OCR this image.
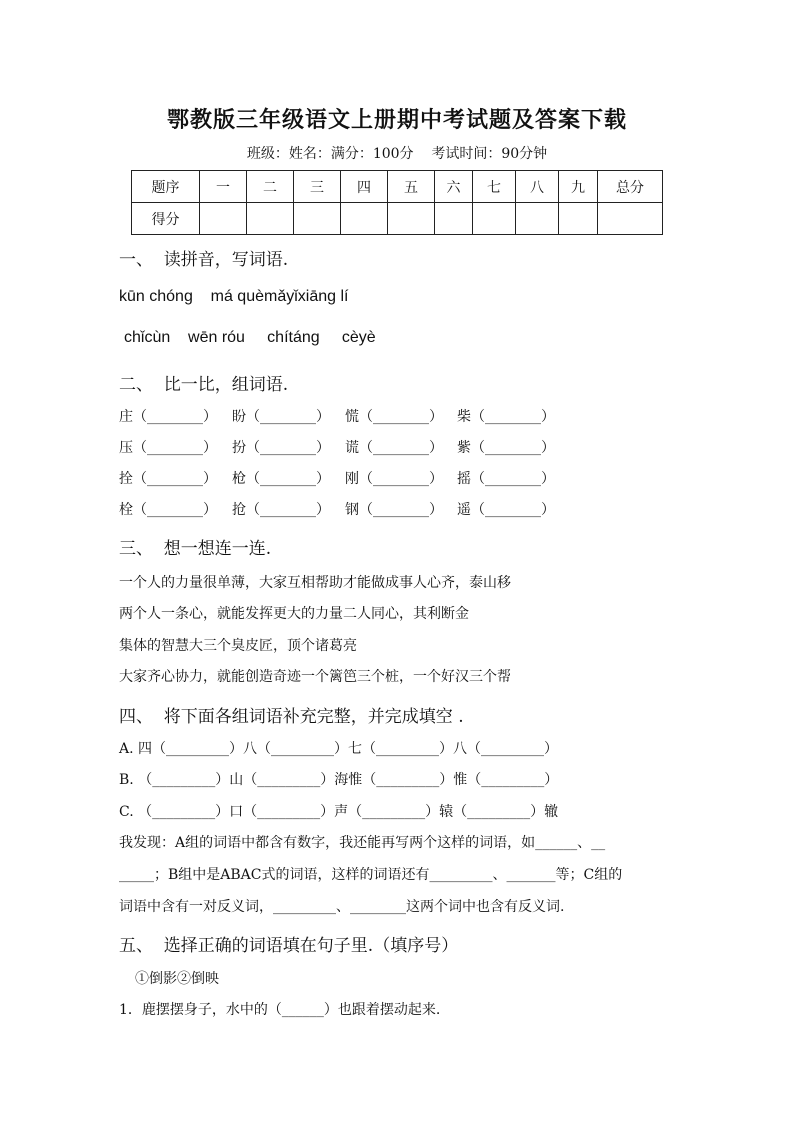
鄂教版三年级语文上册期中考试题及答案下载
班级：姓名：满分：100分    考试时间：90分钟
题序	一	二	三	四	五	六	七	八	九	总分
得分										
一、  读拼音，写词语.
kūn chóng    má quèmǎyǐxiāng lí
chǐcùn    wēn róu     chítáng     cèyè
二、  比一比，组词语.
庄（________） 盼（________） 慌（________） 柴（________）
压（________） 扮（________） 谎（________） 紫（________）
拴（________） 枪（________） 刚（________） 摇（________）
栓（________） 抢（________） 钢（________） 遥（________）
三、  想一想连一连.
一个人的力量很单薄，大家互相帮助才能做成事人心齐，泰山移
两个人一条心，就能发挥更大的力量二人同心，其利断金
集体的智慧大三个臭皮匠，顶个诸葛亮
大家齐心协力，就能创造奇迹一个篱笆三个桩，一个好汉三个帮
四、  将下面各组词语补充完整，并完成填空 .
A. 四（_________）八（_________）七（_________）八（_________）
B. （_________）山（_________）海惟（_________）惟（_________）
C. （_________）口（_________）声（_________）辕（_________）辙
我发现：A组的词语中都含有数字，我还能再写两个这样的词语，如______、__
_____；B组中是ABAC式的词语，这样的词语还有_________、_______等；C组的
词语中含有一对反义词，_________、________这两个词中也含有反义词.
五、  选择正确的词语填在句子里.（填序号）
①倒影②倒映
1．鹿摆摆身子，水中的（______）也跟着摆动起来.
